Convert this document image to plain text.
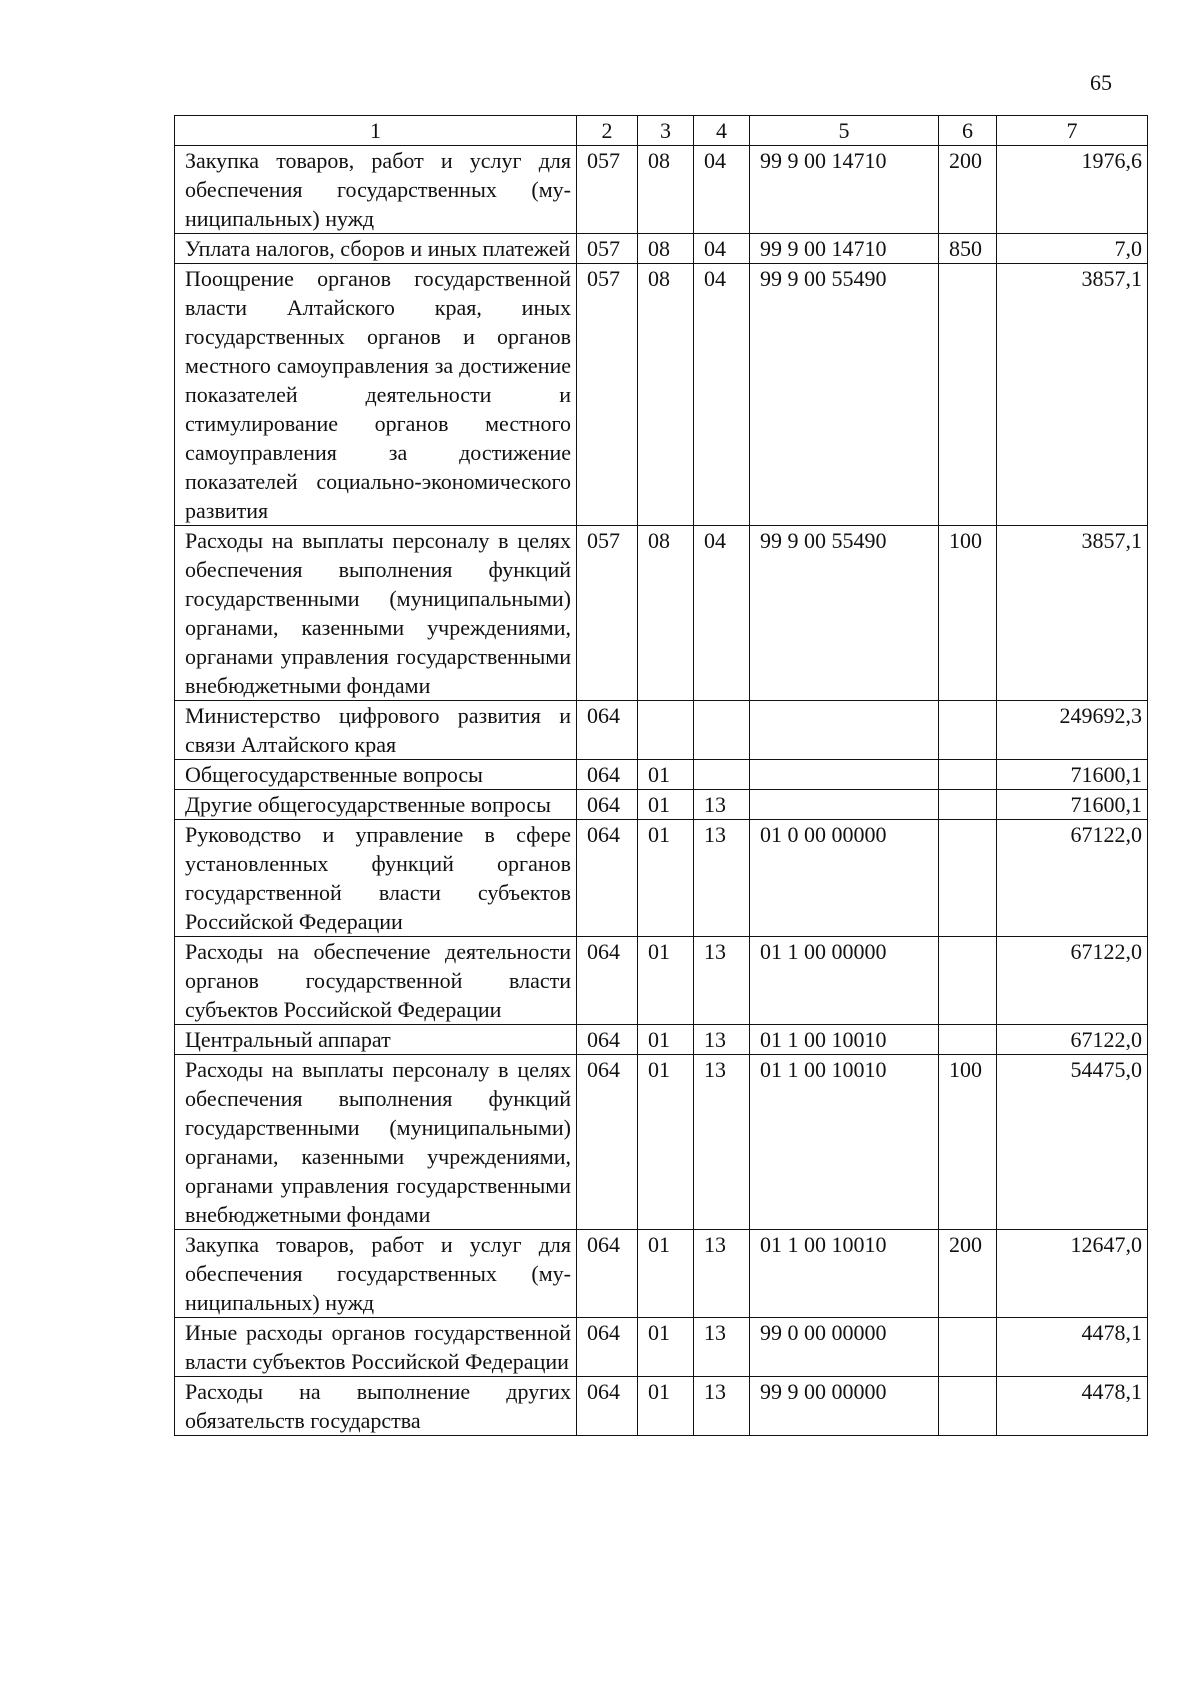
65
1	2	3	4	5	6	7
Закупка товаров, работ и услуг для обеспечения государственных (муниципальных) нужд	057	08	04	99 9 00 14710	200	1976,6
Уплата налогов, сборов и иных платежей	057	08	04	99 9 00 14710	850	7,0
Поощрение органов государственной власти Алтайского края, иных государственных органов и органов местного самоуправления за достижение показателей деятельности и стимулирование органов местного самоуправления за достижение показателей социально-экономического развития	057	08	04	99 9 00 55490		3857,1
Расходы на выплаты персоналу в целях обеспечения выполнения функций государственными (муниципальными) органами, казенными учреждениями, органами управления государственными внебюджетными фондами	057	08	04	99 9 00 55490	100	3857,1
Министерство цифрового развития и связи Алтайского края	064					249692,3
Общегосударственные вопросы	064	01				71600,1
Другие общегосударственные вопросы	064	01	13			71600,1
Руководство и управление в сфере установленных функций органов государственной власти субъектов Российской Федерации	064	01	13	01 0 00 00000		67122,0
Расходы на обеспечение деятельности органов государственной власти субъектов Российской Федерации	064	01	13	01 1 00 00000		67122,0
Центральный аппарат	064	01	13	01 1 00 10010		67122,0
Расходы на выплаты персоналу в целях обеспечения выполнения функций государственными (муниципальными) органами, казенными учреждениями, органами управления государственными внебюджетными фондами	064	01	13	01 1 00 10010	100	54475,0
Закупка товаров, работ и услуг для обеспечения государственных (муниципальных) нужд	064	01	13	01 1 00 10010	200	12647,0
Иные расходы органов государственной власти субъектов Российской Федерации	064	01	13	99 0 00 00000		4478,1
Расходы на выполнение других обязательств государства	064	01	13	99 9 00 00000		4478,1
